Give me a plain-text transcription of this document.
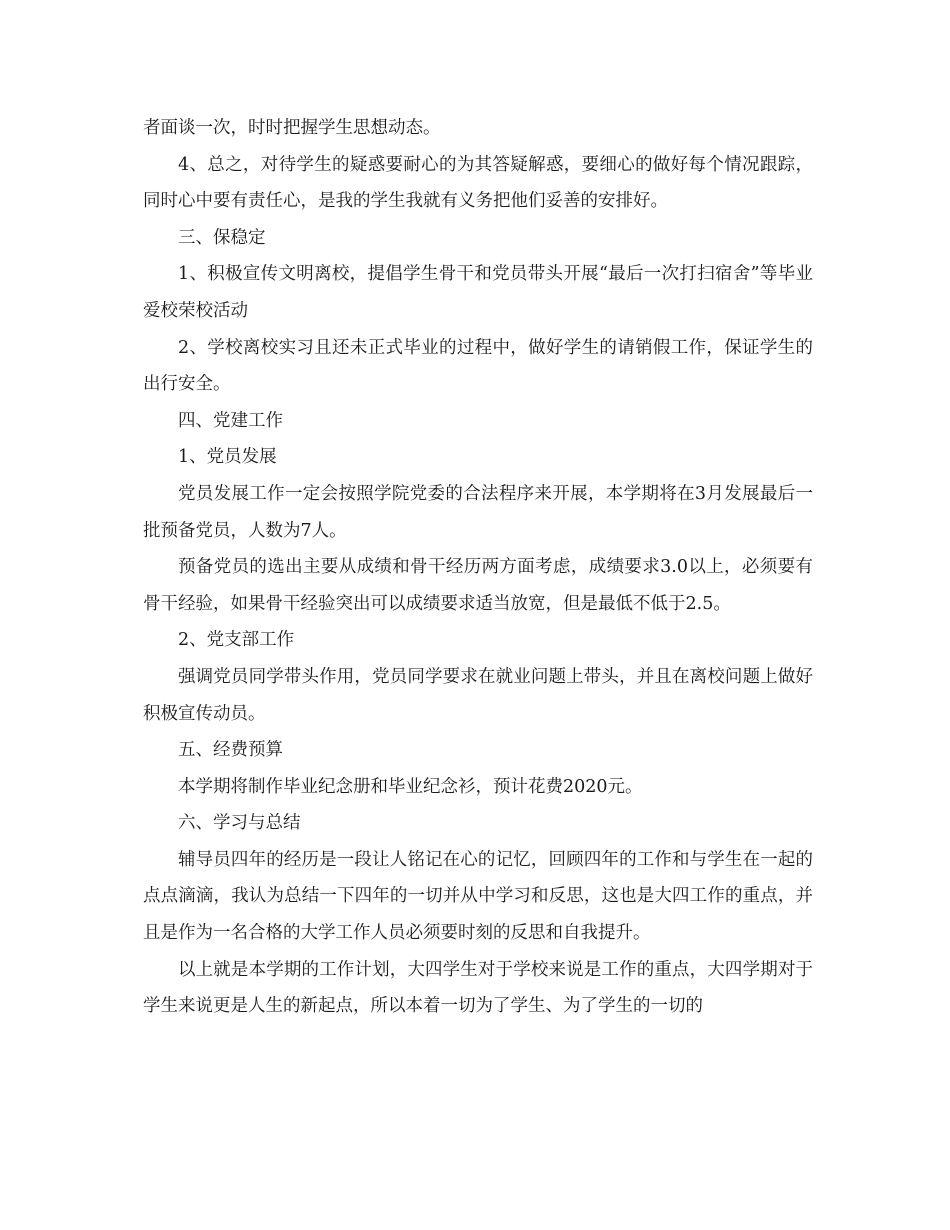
者面谈一次，时时把握学生思想动态。

4、总之，对待学生的疑惑要耐心的为其答疑解惑，要细心的做好每个情况跟踪，同时心中要有责任心，是我的学生我就有义务把他们妥善的安排好。

三、保稳定

1、积极宣传文明离校，提倡学生骨干和党员带头开展“最后一次打扫宿舍”等毕业爱校荣校活动

2、学校离校实习且还未正式毕业的过程中，做好学生的请销假工作，保证学生的出行安全。

四、党建工作

1、党员发展

党员发展工作一定会按照学院党委的合法程序来开展，本学期将在3月发展最后一批预备党员，人数为7人。

预备党员的选出主要从成绩和骨干经历两方面考虑，成绩要求3.0以上，必须要有骨干经验，如果骨干经验突出可以成绩要求适当放宽，但是最低不低于2.5。

2、党支部工作

强调党员同学带头作用，党员同学要求在就业问题上带头，并且在离校问题上做好积极宣传动员。

五、经费预算

本学期将制作毕业纪念册和毕业纪念衫，预计花费2020元。

六、学习与总结

辅导员四年的经历是一段让人铭记在心的记忆，回顾四年的工作和与学生在一起的点点滴滴，我认为总结一下四年的一切并从中学习和反思，这也是大四工作的重点，并且是作为一名合格的大学工作人员必须要时刻的反思和自我提升。

以上就是本学期的工作计划，大四学生对于学校来说是工作的重点，大四学期对于学生来说更是人生的新起点，所以本着一切为了学生、为了学生的一切的
